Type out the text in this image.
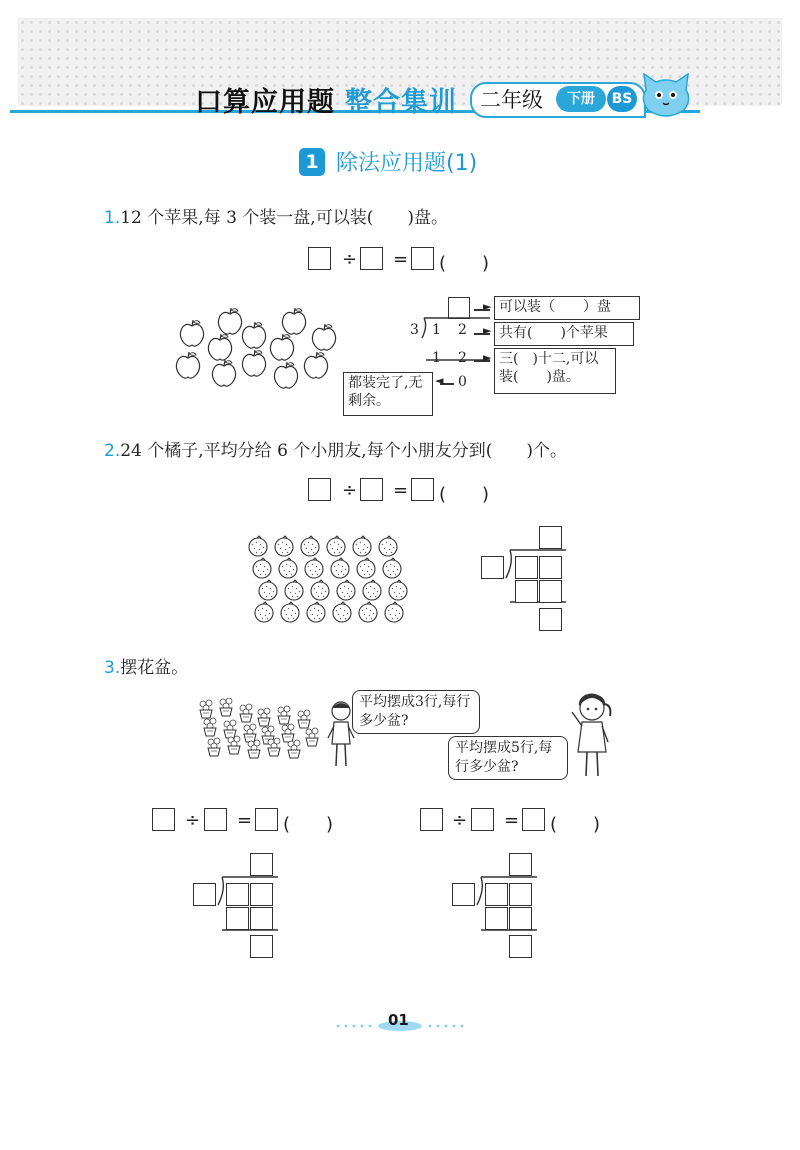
口算应用题 整合集训 二年级	下册	BS
1 除法应用题(1)
1.12 个苹果,每 3 个装一盘,可以装(　　)盘。
÷ = (　　)
3 1 2
1 2
0
►
►
►
◄
可以装（　　）盘
共有(　　)个苹果
三(　)十二,可以装(　　)盘。
都装完了,无剩余。
2.24 个橘子,平均分给 6 个小朋友,每个小朋友分到(　　)个。
÷ = (　　)
3.摆花盆。
平均摆成3行,每行多少盆?
平均摆成5行,每行多少盆?
÷ = (　　)	÷ = (　　)
01
